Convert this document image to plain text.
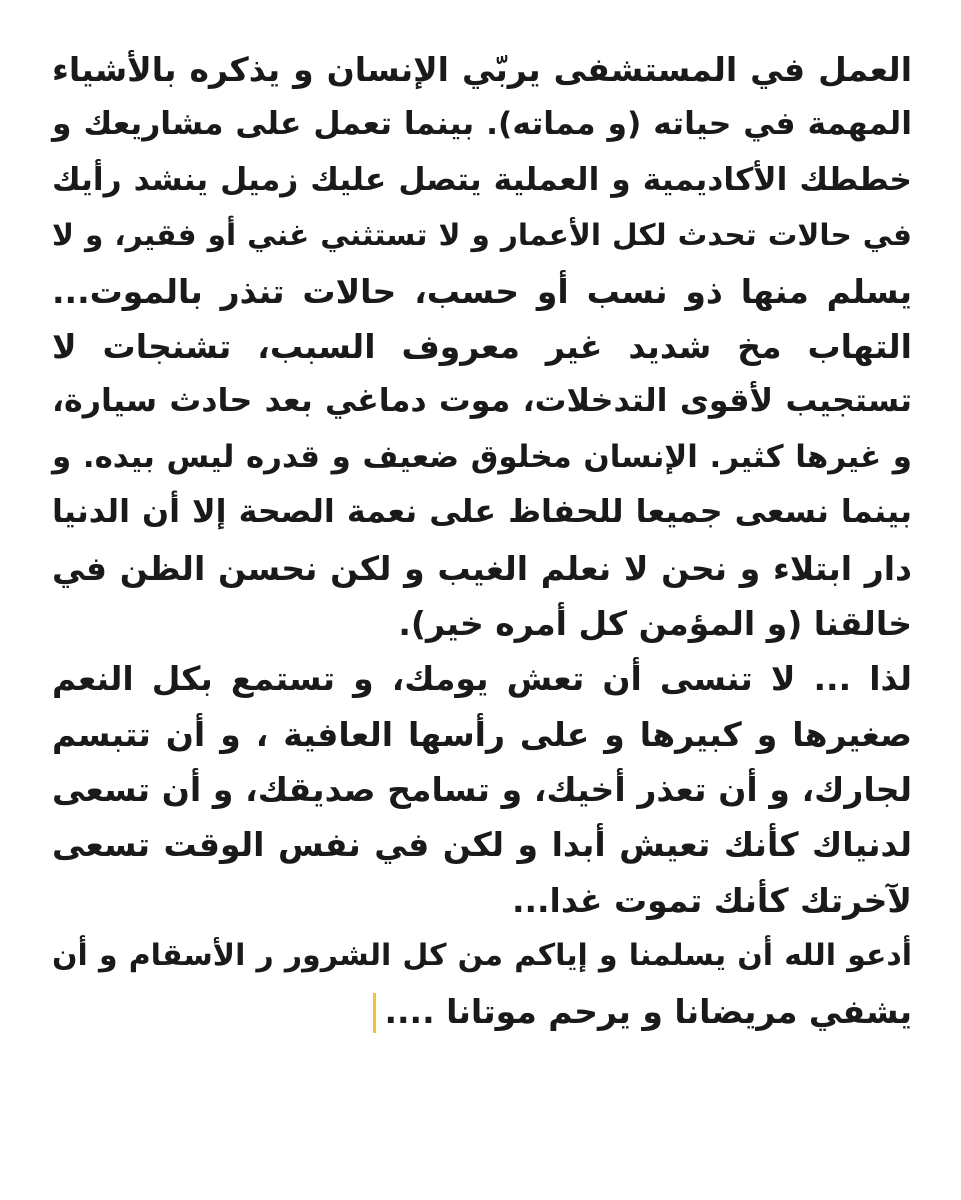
العمل في المستشفى يربّي الإنسان و يذكره بالأشياء
المهمة في حياته (و مماته). بينما تعمل على مشاريعك و
خططك الأكاديمية و العملية يتصل عليك زميل ينشد رأيك
في حالات تحدث لكل الأعمار و لا تستثني غني أو فقير، و لا
يسلم منها ذو نسب أو حسب، حالات تنذر بالموت...
التهاب مخ شديد غير معروف السبب، تشنجات لا
تستجيب لأقوى التدخلات، موت دماغي بعد حادث سيارة،
و غيرها كثير. الإنسان مخلوق ضعيف و قدره ليس بيده. و
بينما نسعى جميعا للحفاظ على نعمة الصحة إلا أن الدنيا
دار ابتلاء و نحن لا نعلم الغيب و لكن نحسن الظن في
خالقنا (و المؤمن كل أمره خير).
لذا ... لا تنسى أن تعش يومك، و تستمع بكل النعم
صغيرها و كبيرها و على رأسها العافية ، و أن تتبسم
لجارك، و أن تعذر أخيك، و تسامح صديقك، و أن تسعى
لدنياك كأنك تعيش أبدا و لكن في نفس الوقت تسعى
لآخرتك كأنك تموت غدا...
أدعو الله أن يسلمنا و إياكم من كل الشرور ر الأسقام و أن
يشفي مريضانا و يرحم موتانا ....
